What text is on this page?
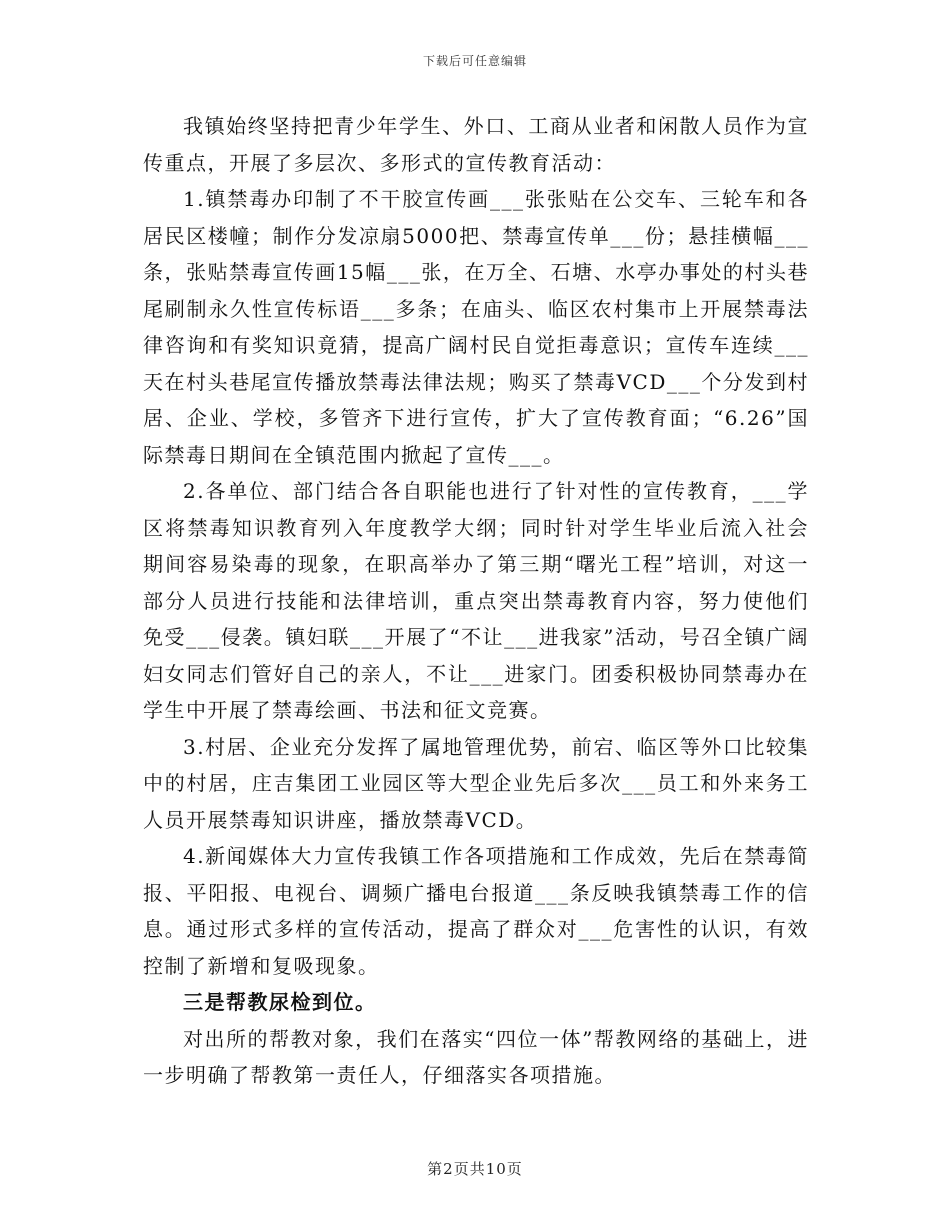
下载后可任意编辑

我镇始终坚持把青少年学生、外口、工商从业者和闲散人员作为宣传重点，开展了多层次、多形式的宣传教育活动：

1.镇禁毒办印制了不干胶宣传画___张张贴在公交车、三轮车和各居民区楼幢；制作分发凉扇5000把、禁毒宣传单___份；悬挂横幅___条，张贴禁毒宣传画15幅___张，在万全、石塘、水亭办事处的村头巷尾刷制永久性宣传标语___多条；在庙头、临区农村集市上开展禁毒法律咨询和有奖知识竟猜，提高广阔村民自觉拒毒意识；宣传车连续___天在村头巷尾宣传播放禁毒法律法规；购买了禁毒VCD___个分发到村居、企业、学校，多管齐下进行宣传，扩大了宣传教育面；“6.26”国际禁毒日期间在全镇范围内掀起了宣传___。

2.各单位、部门结合各自职能也进行了针对性的宣传教育，___学区将禁毒知识教育列入年度教学大纲；同时针对学生毕业后流入社会期间容易染毒的现象，在职高举办了第三期“曙光工程”培训，对这一部分人员进行技能和法律培训，重点突出禁毒教育内容，努力使他们免受___侵袭。镇妇联___开展了“不让___进我家”活动，号召全镇广阔妇女同志们管好自己的亲人，不让___进家门。团委积极协同禁毒办在学生中开展了禁毒绘画、书法和征文竞赛。

3.村居、企业充分发挥了属地管理优势，前宕、临区等外口比较集中的村居，庄吉集团工业园区等大型企业先后多次___员工和外来务工人员开展禁毒知识讲座，播放禁毒VCD。

4.新闻媒体大力宣传我镇工作各项措施和工作成效，先后在禁毒简报、平阳报、电视台、调频广播电台报道___条反映我镇禁毒工作的信息。通过形式多样的宣传活动，提高了群众对___危害性的认识，有效控制了新增和复吸现象。

三是帮教尿检到位。

对出所的帮教对象，我们在落实“四位一体”帮教网络的基础上，进一步明确了帮教第一责任人，仔细落实各项措施。

第2页共10页
